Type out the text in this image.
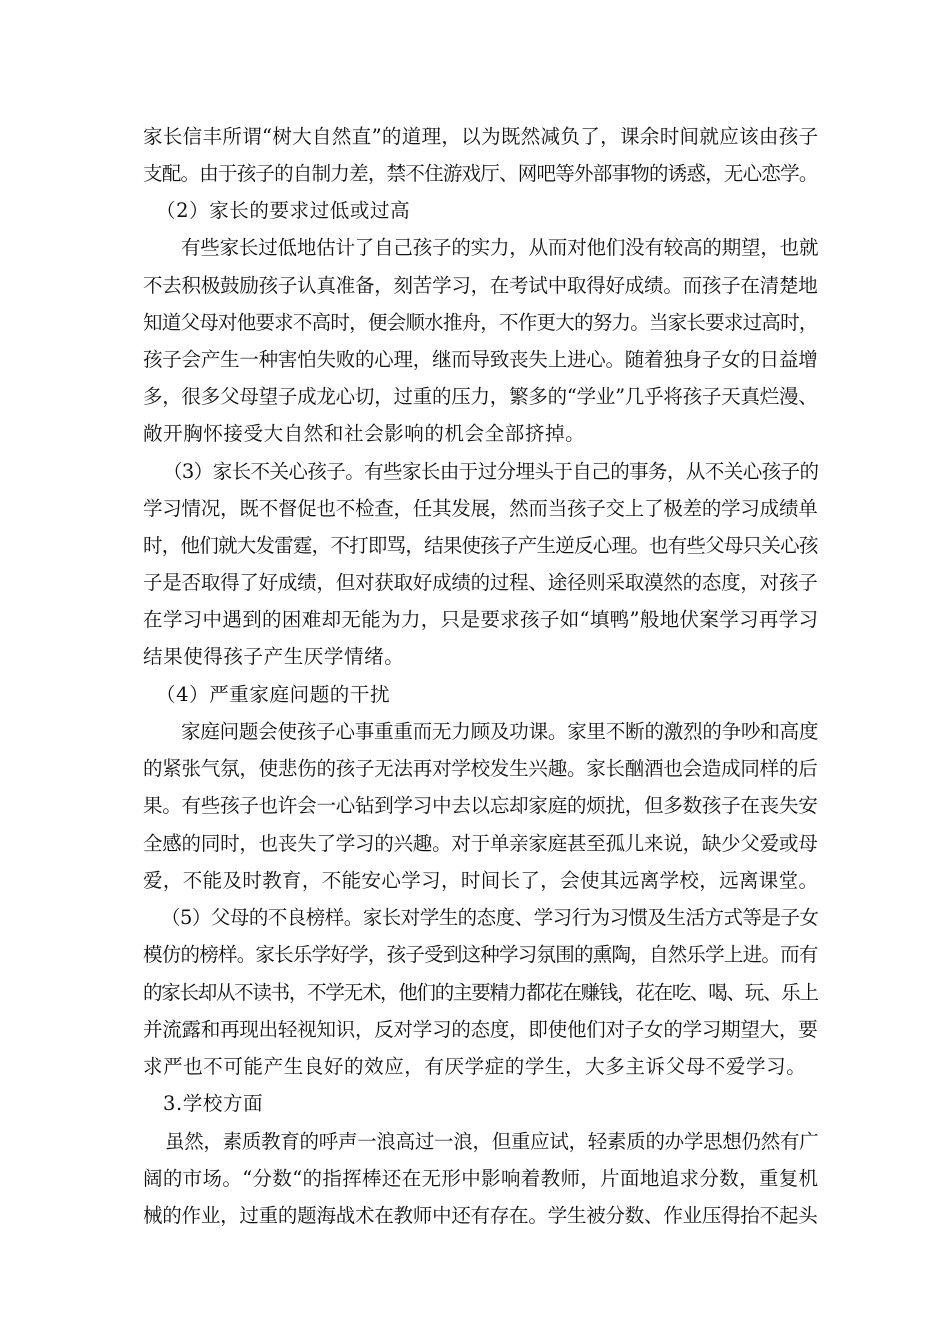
家长信丰所谓“树大自然直”的道理，以为既然减负了，课余时间就应该由孩子
支配。由于孩子的自制力差，禁不住游戏厅、网吧等外部事物的诱惑，无心恋学。
（2）家长的要求过低或过高
有些家长过低地估计了自己孩子的实力，从而对他们没有较高的期望，也就
不去积极鼓励孩子认真准备，刻苦学习，在考试中取得好成绩。而孩子在清楚地
知道父母对他要求不高时，便会顺水推舟，不作更大的努力。当家长要求过高时，
孩子会产生一种害怕失败的心理，继而导致丧失上进心。随着独身子女的日益增
多，很多父母望子成龙心切，过重的压力，繁多的“学业”几乎将孩子天真烂漫、
敞开胸怀接受大自然和社会影响的机会全部挤掉。
（3）家长不关心孩子。有些家长由于过分埋头于自己的事务，从不关心孩子的
学习情况，既不督促也不检查，任其发展，然而当孩子交上了极差的学习成绩单
时，他们就大发雷霆，不打即骂，结果使孩子产生逆反心理。也有些父母只关心孩
子是否取得了好成绩，但对获取好成绩的过程、途径则采取漠然的态度，对孩子
在学习中遇到的困难却无能为力，只是要求孩子如“填鸭”般地伏案学习再学习
结果使得孩子产生厌学情绪。
（4）严重家庭问题的干扰
家庭问题会使孩子心事重重而无力顾及功课。家里不断的激烈的争吵和高度
的紧张气氛，使悲伤的孩子无法再对学校发生兴趣。家长酗酒也会造成同样的后
果。有些孩子也许会一心钻到学习中去以忘却家庭的烦扰，但多数孩子在丧失安
全感的同时，也丧失了学习的兴趣。对于单亲家庭甚至孤儿来说，缺少父爱或母
爱，不能及时教育，不能安心学习，时间长了，会使其远离学校，远离课堂。
（5）父母的不良榜样。家长对学生的态度、学习行为习惯及生活方式等是子女
模仿的榜样。家长乐学好学，孩子受到这种学习氛围的熏陶，自然乐学上进。而有
的家长却从不读书，不学无术，他们的主要精力都花在赚钱，花在吃、喝、玩、乐上
并流露和再现出轻视知识，反对学习的态度，即使他们对子女的学习期望大，要
求严也不可能产生良好的效应，有厌学症的学生，大多主诉父母不爱学习。
3.学校方面
虽然，素质教育的呼声一浪高过一浪，但重应试，轻素质的办学思想仍然有广
阔的市场。“分数“的指挥棒还在无形中影响着教师，片面地追求分数，重复机
械的作业，过重的题海战术在教师中还有存在。学生被分数、作业压得抬不起头
